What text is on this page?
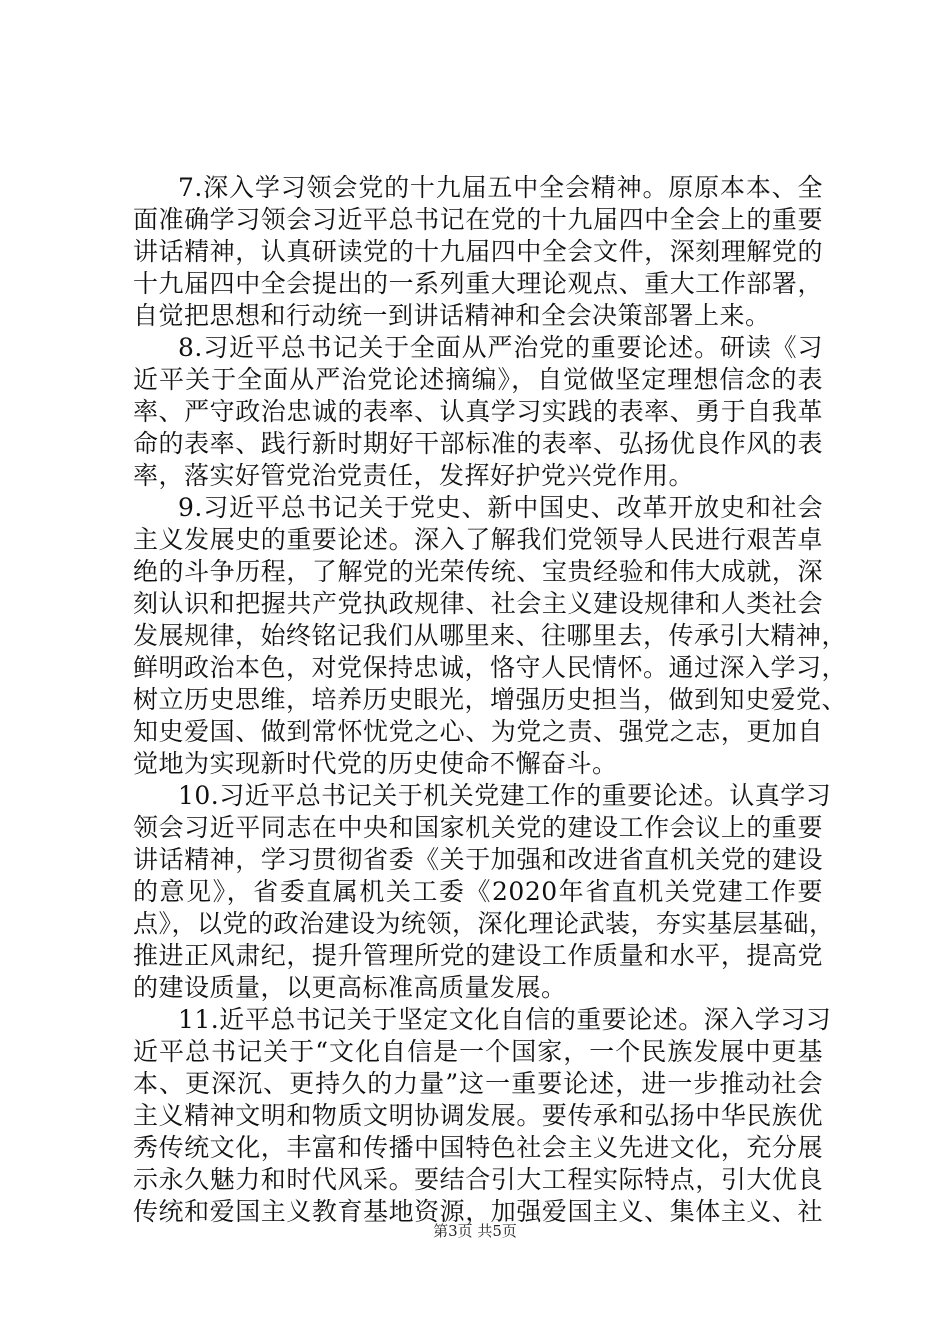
7.深入学习领会党的十九届五中全会精神。原原本本、全
面准确学习领会习近平总书记在党的十九届四中全会上的重要
讲话精神，认真研读党的十九届四中全会文件，深刻理解党的
十九届四中全会提出的一系列重大理论观点、重大工作部署，
自觉把思想和行动统一到讲话精神和全会决策部署上来。
8.习近平总书记关于全面从严治党的重要论述。研读《习
近平关于全面从严治党论述摘编》，自觉做坚定理想信念的表
率、严守政治忠诚的表率、认真学习实践的表率、勇于自我革
命的表率、践行新时期好干部标准的表率、弘扬优良作风的表
率，落实好管党治党责任，发挥好护党兴党作用。
9.习近平总书记关于党史、新中国史、改革开放史和社会
主义发展史的重要论述。深入了解我们党领导人民进行艰苦卓
绝的斗争历程，了解党的光荣传统、宝贵经验和伟大成就，深
刻认识和把握共产党执政规律、社会主义建设规律和人类社会
发展规律，始终铭记我们从哪里来、往哪里去，传承引大精神，
鲜明政治本色，对党保持忠诚，恪守人民情怀。通过深入学习，
树立历史思维，培养历史眼光，增强历史担当，做到知史爱党、
知史爱国、做到常怀忧党之心、为党之责、强党之志，更加自
觉地为实现新时代党的历史使命不懈奋斗。
10.习近平总书记关于机关党建工作的重要论述。认真学习
领会习近平同志在中央和国家机关党的建设工作会议上的重要
讲话精神，学习贯彻省委《关于加强和改进省直机关党的建设
的意见》，省委直属机关工委《2020年省直机关党建工作要
点》，以党的政治建设为统领，深化理论武装，夯实基层基础，
推进正风肃纪，提升管理所党的建设工作质量和水平，提高党
的建设质量，以更高标准高质量发展。
11.近平总书记关于坚定文化自信的重要论述。深入学习习
近平总书记关于“文化自信是一个国家，一个民族发展中更基
本、更深沉、更持久的力量”这一重要论述，进一步推动社会
主义精神文明和物质文明协调发展。要传承和弘扬中华民族优
秀传统文化，丰富和传播中国特色社会主义先进文化，充分展
示永久魅力和时代风采。要结合引大工程实际特点，引大优良
传统和爱国主义教育基地资源，加强爱国主义、集体主义、社
第3页 共5页
